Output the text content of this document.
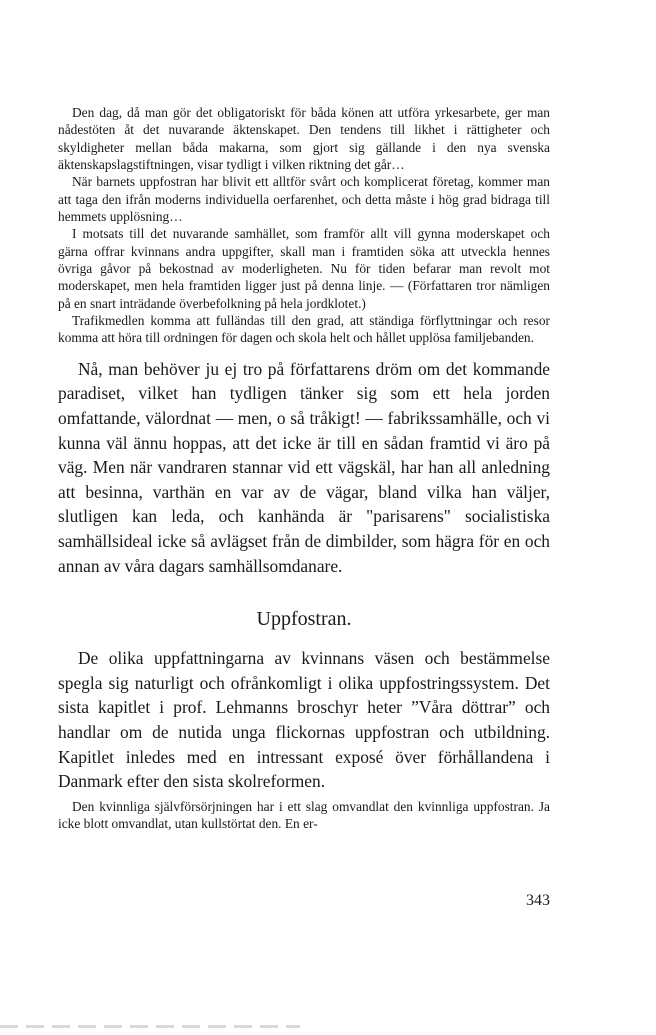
Den dag, då man gör det obligatoriskt för båda könen att utföra yrkesarbete, ger man nådestöten åt det nuvarande äktenskapet. Den tendens till likhet i rättigheter och skyldigheter mellan båda makarna, som gjort sig gällande i den nya svenska äktenskapslagstiftningen, visar tydligt i vilken riktning det går…

När barnets uppfostran har blivit ett alltför svårt och komplicerat företag, kommer man att taga den ifrån moderns individuella oerfarenhet, och detta måste i hög grad bidraga till hemmets upplösning…

I motsats till det nuvarande samhället, som framför allt vill gynna moderskapet och gärna offrar kvinnans andra uppgifter, skall man i framtiden söka att utveckla hennes övriga gåvor på bekostnad av moderligheten. Nu för tiden befarar man revolt mot moderskapet, men hela framtiden ligger just på denna linje. — (Författaren tror nämligen på en snart inträdande överbefolkning på hela jordklotet.)

Trafikmedlen komma att fulländas till den grad, att ständiga förflyttningar och resor komma att höra till ordningen för dagen och skola helt och hållet upplösa familjebanden.

Nå, man behöver ju ej tro på författarens dröm om det kommande paradiset, vilket han tydligen tänker sig som ett hela jorden omfattande, välordnat — men, o så tråkigt! — fabrikssamhälle, och vi kunna väl ännu hoppas, att det icke är till en sådan framtid vi äro på väg. Men när vandraren stannar vid ett vägskäl, har han all anledning att besinna, varthän en var av de vägar, bland vilka han väljer, slutligen kan leda, och kanhända är "parisarens" socialistiska samhällsideal icke så avlägset från de dimbilder, som hägra för en och annan av våra dagars samhällsomdanare.

Uppfostran.

De olika uppfattningarna av kvinnans väsen och bestämmelse spegla sig naturligt och ofrånkomligt i olika uppfostringssystem. Det sista kapitlet i prof. Lehmanns broschyr heter ”Våra döttrar” och handlar om de nutida unga flickornas uppfostran och utbildning. Kapitlet inledes med en intressant exposé över förhållandena i Danmark efter den sista skolreformen.

Den kvinnliga självförsörjningen har i ett slag omvandlat den kvinnliga uppfostran. Ja icke blott omvandlat, utan kullstörtat den. En er-

343
